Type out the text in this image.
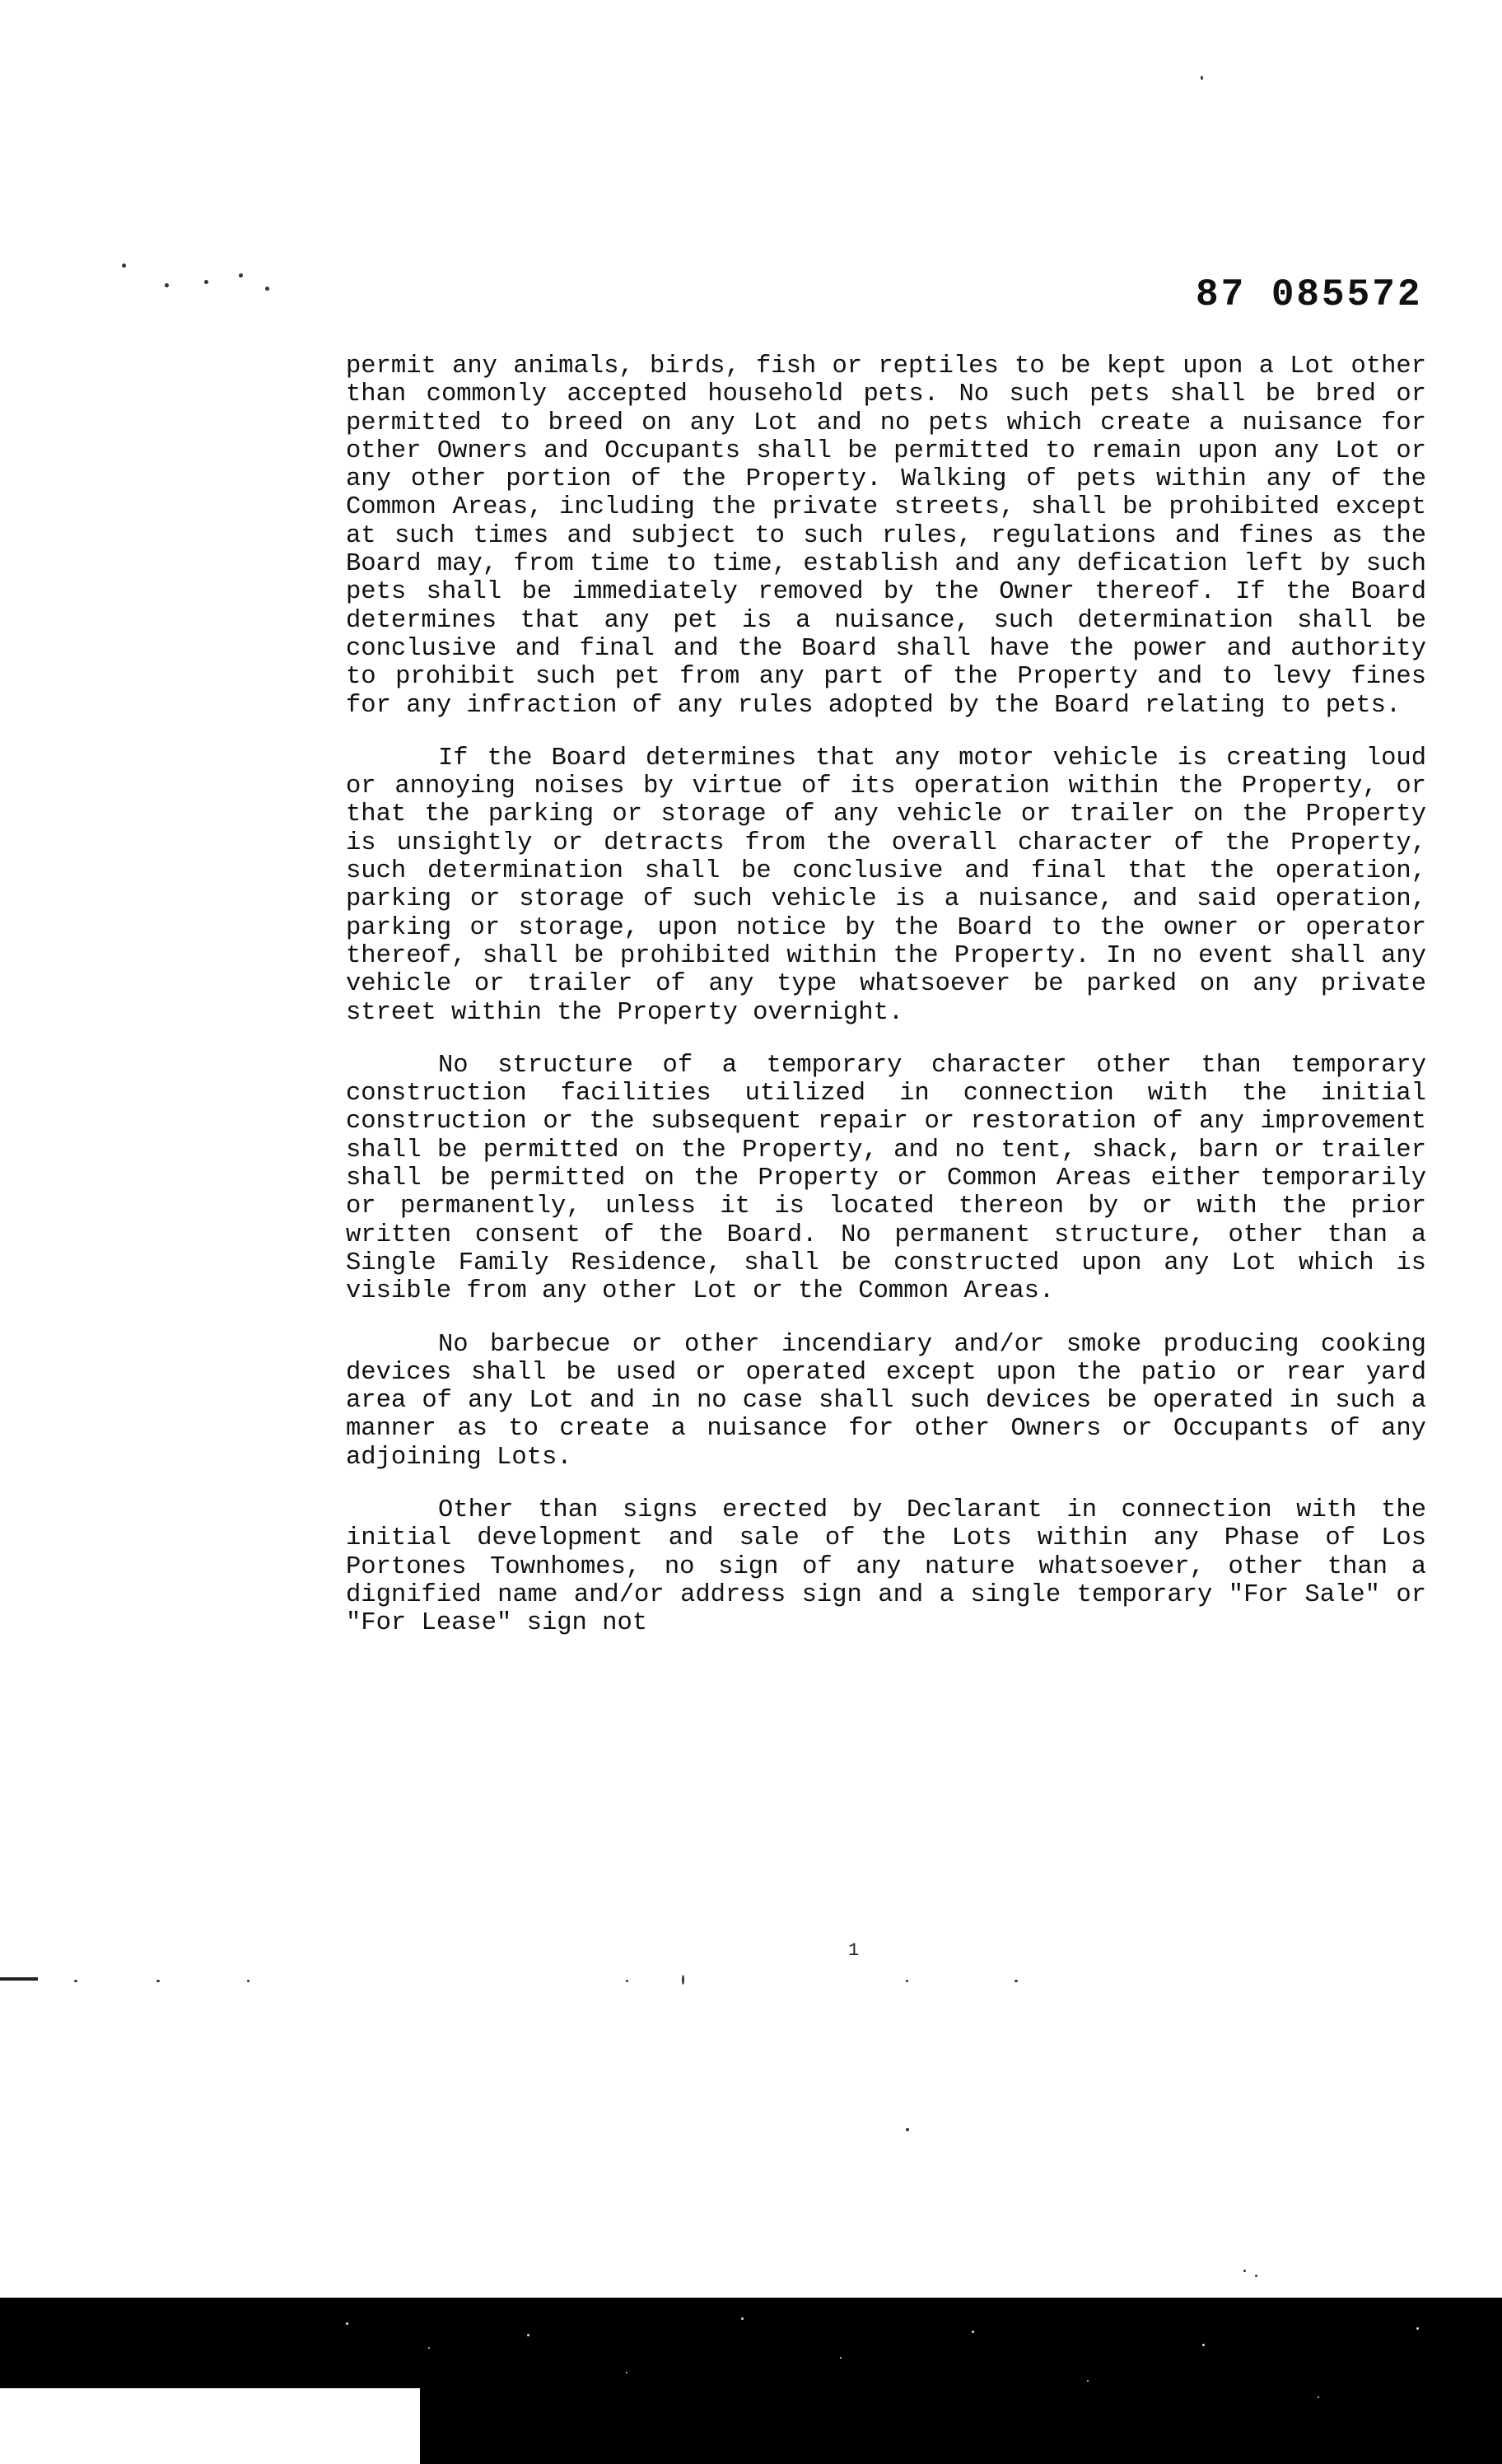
87 085572

permit any animals, birds, fish or reptiles to be kept upon a Lot other than commonly accepted household pets. No such pets shall be bred or permitted to breed on any Lot and no pets which create a nuisance for other Owners and Occupants shall be permitted to remain upon any Lot or any other portion of the Property. Walking of pets within any of the Common Areas, including the private streets, shall be prohibited except at such times and subject to such rules, regulations and fines as the Board may, from time to time, establish and any defication left by such pets shall be immediately removed by the Owner thereof. If the Board determines that any pet is a nuisance, such determination shall be conclusive and final and the Board shall have the power and authority to prohibit such pet from any part of the Property and to levy fines for any infraction of any rules adopted by the Board relating to pets.

If the Board determines that any motor vehicle is creating loud or annoying noises by virtue of its operation within the Property, or that the parking or storage of any vehicle or trailer on the Property is unsightly or detracts from the overall character of the Property, such determination shall be conclusive and final that the operation, parking or storage of such vehicle is a nuisance, and said operation, parking or storage, upon notice by the Board to the owner or operator thereof, shall be prohibited within the Property. In no event shall any vehicle or trailer of any type whatsoever be parked on any private street within the Property overnight.

No structure of a temporary character other than temporary construction facilities utilized in connection with the initial construction or the subsequent repair or restoration of any improvement shall be permitted on the Property, and no tent, shack, barn or trailer shall be permitted on the Property or Common Areas either temporarily or permanently, unless it is located thereon by or with the prior written consent of the Board. No permanent structure, other than a Single Family Residence, shall be constructed upon any Lot which is visible from any other Lot or the Common Areas.

No barbecue or other incendiary and/or smoke producing cooking devices shall be used or operated except upon the patio or rear yard area of any Lot and in no case shall such devices be operated in such a manner as to create a nuisance for other Owners or Occupants of any adjoining Lots.

Other than signs erected by Declarant in connection with the initial development and sale of the Lots within any Phase of Los Portones Townhomes, no sign of any nature whatsoever, other than a dignified name and/or address sign and a single temporary "For Sale" or "For Lease" sign not

1
